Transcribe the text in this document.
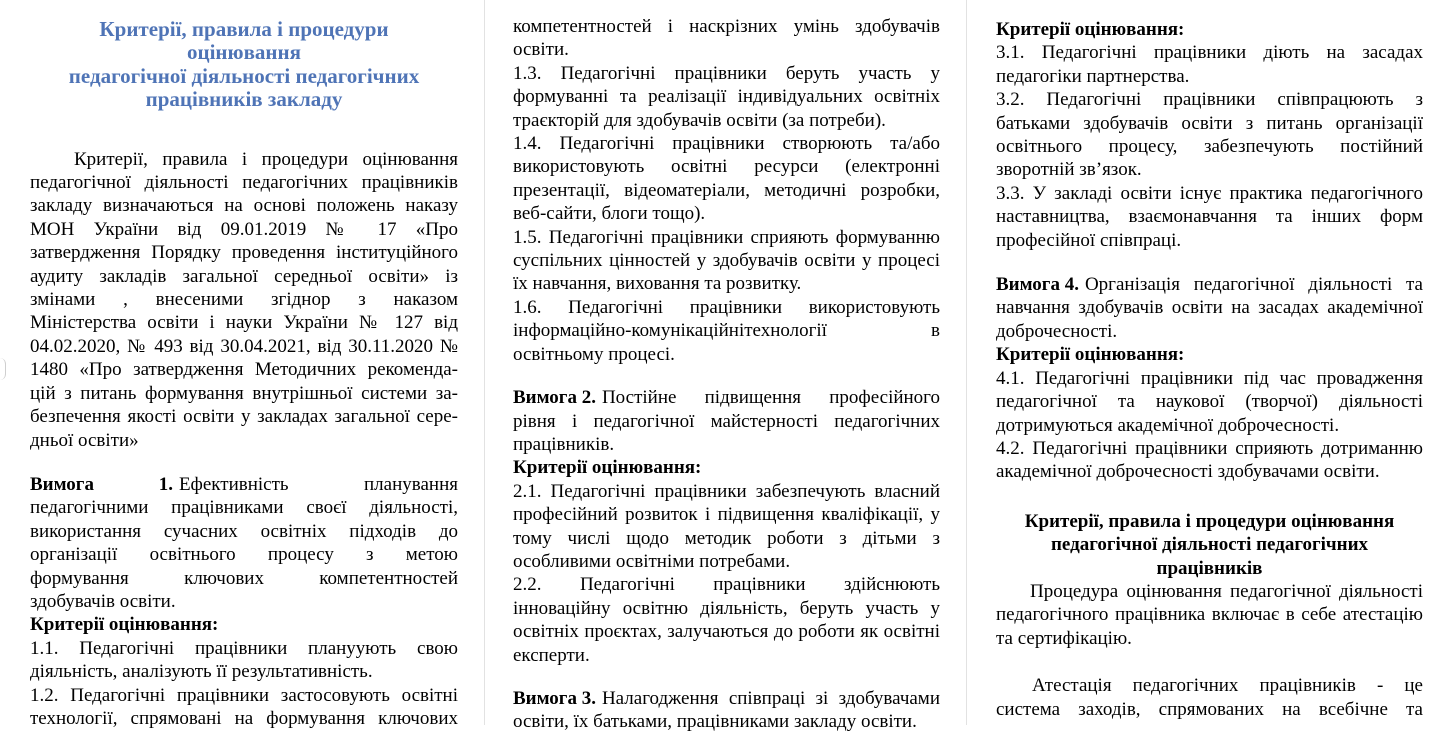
Критерії, правила і процедури
оцінювання
педагогічної діяльності педагогічних
працівників закладу
Критерії, правила і процедури оцінювання
педагогічної діяльності педагогічних працівників
закладу визначаються на основі положень наказу
МОН України від 09.01.2019 № 17 «Про
затвердження Порядку проведення інституційного
аудиту закладів загальної середньої освіти» із
змінами , внесеними згіднор з наказом
Міністерства освіти і науки України № 127 від
04.02.2020, № 493 від 30.04.2021, від 30.11.2020 №
1480 «Про затвердження Методичних рекоменда-
цій з питань формування внутрішньої системи за-
безпечення якості освіти у закладах загальної сере-
дньої освіти»
Вимога 1. Ефективність планування
педагогічними працівниками своєї діяльності,
використання сучасних освітніх підходів до
організації освітнього процесу з метою
формування ключових компетентностей
здобувачів освіти.
Критерії оцінювання:
1.1. Педагогічні працівники плануують свою
діяльність, аналізують її результативність.
1.2. Педагогічні працівники застосовують освітні
технології, спрямовані на формування ключових
компетентностей і наскрізних умінь здобувачів
освіти.
1.3. Педагогічні працівники беруть участь у
формуванні та реалізації індивідуальних освітніх
траєкторій для здобувачів освіти (за потреби).
1.4. Педагогічні працівники створюють та/або
використовують освітні ресурси (електронні
презентації, відеоматеріали, методичні розробки,
веб-сайти, блоги тощо).
1.5. Педагогічні працівники сприяють формуванню
суспільних цінностей у здобувачів освіти у процесі
їх навчання, виховання та розвитку.
1.6. Педагогічні працівники використовують
інформаційно-комунікаційнітехнології в
освітньому процесі.
Вимога 2. Постійне підвищення професійного
рівня і педагогічної майстерності педагогічних
працівників.
Критерії оцінювання:
2.1. Педагогічні працівники забезпечують власний
професійний розвиток і підвищення кваліфікації, у
тому числі щодо методик роботи з дітьми з
особливими освітніми потребами.
2.2. Педагогічні працівники здійснюють
інноваційну освітню діяльність, беруть участь у
освітніх проєктах, залучаються до роботи як освітні
експерти.
Вимога 3. Налагодження співпраці зі здобувачами
освіти, їх батьками, працівниками закладу освіти.
Критерії оцінювання:
3.1. Педагогічні працівники діють на засадах
педагогіки партнерства.
3.2. Педагогічні працівники співпрацюють з
батьками здобувачів освіти з питань організації
освітнього процесу, забезпечують постійний
зворотній зв’язок.
3.3. У закладі освіти існує практика педагогічного
наставництва, взаємонавчання та інших форм
професійної співпраці.
Вимога 4. Організація педагогічної діяльності та
навчання здобувачів освіти на засадах академічної
доброчесності.
Критерії оцінювання:
4.1. Педагогічні працівники під час провадження
педагогічної та наукової (творчої) діяльності
дотримуються академічної доброчесності.
4.2. Педагогічні працівники сприяють дотриманню
академічної доброчесності здобувачами освіти.
Критерії, правила і процедури оцінювання
педагогічної діяльності педагогічних
працівників
Процедура оцінювання педагогічної діяльності
педагогічного працівника включає в себе атестацію
та сертифікацію.
Атестація педагогічних працівників - це
система заходів, спрямованих на всебічне та
